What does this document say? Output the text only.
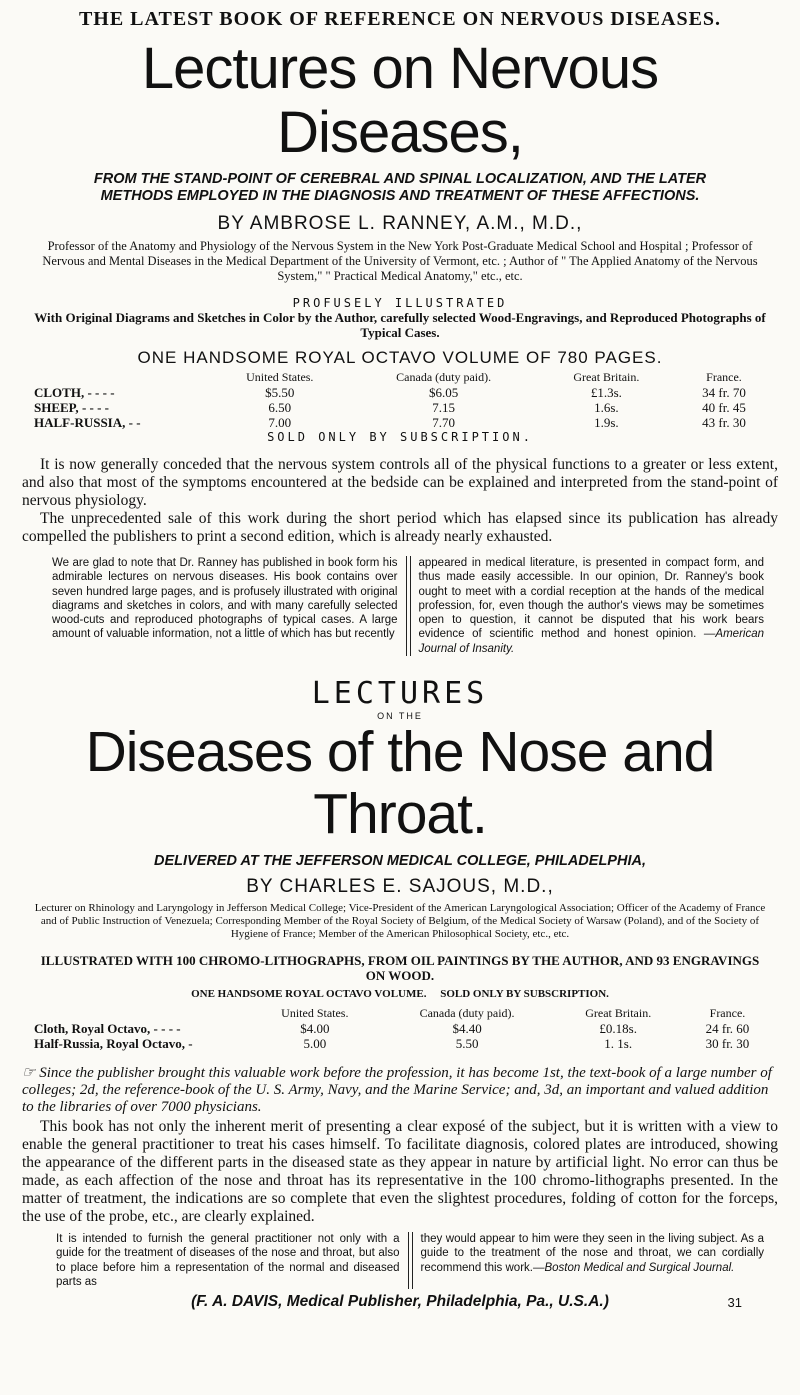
THE LATEST BOOK OF REFERENCE ON NERVOUS DISEASES.
Lectures on Nervous Diseases,
FROM THE STAND-POINT OF CEREBRAL AND SPINAL LOCALIZATION, AND THE LATER METHODS EMPLOYED IN THE DIAGNOSIS AND TREATMENT OF THESE AFFECTIONS.
BY AMBROSE L. RANNEY, A.M., M.D.,
Professor of the Anatomy and Physiology of the Nervous System in the New York Post-Graduate Medical School and Hospital ; Professor of Nervous and Mental Diseases in the Medical Department of the University of Vermont, etc. ; Author of " The Applied Anatomy of the Nervous System," " Practical Medical Anatomy," etc., etc.
PROFUSELY ILLUSTRATED
With Original Diagrams and Sketches in Color by the Author, carefully selected Wood-Engravings, and Reproduced Photographs of Typical Cases.
ONE HANDSOME ROYAL OCTAVO VOLUME OF 780 PAGES.
	United States.	Canada (duty paid).	Great Britain.	France.
CLOTH, - - - -	$5.50	$6.05	£1.3s.	34 fr. 70
SHEEP, - - - -	6.50	7.15	1.6s.	40 fr. 45
HALF-RUSSIA, - -	7.00	7.70	1.9s.	43 fr. 30
SOLD ONLY BY SUBSCRIPTION.

It is now generally conceded that the nervous system controls all of the physical functions to a greater or less extent, and also that most of the symptoms encountered at the bedside can be explained and interpreted from the stand-point of nervous physiology.

The unprecedented sale of this work during the short period which has elapsed since its publication has already compelled the publishers to print a second edition, which is already nearly exhausted.

We are glad to note that Dr. Ranney has published in book form his admirable lectures on nervous diseases. His book contains over seven hundred large pages, and is profusely illustrated with original diagrams and sketches in colors, and with many carefully selected wood-cuts and reproduced photographs of typical cases. A large amount of valuable information, not a little of which has but recently
appeared in medical literature, is presented in compact form, and thus made easily accessible. In our opinion, Dr. Ranney's book ought to meet with a cordial reception at the hands of the medical profession, for, even though the author's views may be sometimes open to question, it cannot be disputed that his work bears evidence of scientific method and honest opinion. —American Journal of Insanity.
LECTURES
ON THE
Diseases of the Nose and Throat.
DELIVERED AT THE JEFFERSON MEDICAL COLLEGE, PHILADELPHIA,
BY CHARLES E. SAJOUS, M.D.,
Lecturer on Rhinology and Laryngology in Jefferson Medical College; Vice-President of the American Laryngological Association; Officer of the Academy of France and of Public Instruction of Venezuela; Corresponding Member of the Royal Society of Belgium, of the Medical Society of Warsaw (Poland), and of the Society of Hygiene of France; Member of the American Philosophical Society, etc., etc.
ILLUSTRATED WITH 100 CHROMO-LITHOGRAPHS, FROM OIL PAINTINGS BY THE AUTHOR, AND 93 ENGRAVINGS ON WOOD.
ONE HANDSOME ROYAL OCTAVO VOLUME.     SOLD ONLY BY SUBSCRIPTION.
	United States.	Canada (duty paid).	Great Britain.	France.
Cloth, Royal Octavo, - - - -	$4.00	$4.40	£0.18s.	24 fr. 60
Half-Russia, Royal Octavo, -	5.00	5.50	1. 1s.	30 fr. 30

☞ Since the publisher brought this valuable work before the profession, it has become 1st, the text-book of a large number of colleges; 2d, the reference-book of the U. S. Army, Navy, and the Marine Service; and, 3d, an important and valued addition to the libraries of over 7000 physicians.

This book has not only the inherent merit of presenting a clear exposé of the subject, but it is written with a view to enable the general practitioner to treat his cases himself. To facilitate diagnosis, colored plates are introduced, showing the appearance of the different parts in the diseased state as they appear in nature by artificial light. No error can thus be made, as each affection of the nose and throat has its representative in the 100 chromo-lithographs presented. In the matter of treatment, the indications are so complete that even the slightest procedures, folding of cotton for the forceps, the use of the probe, etc., are clearly explained.

It is intended to furnish the general practitioner not only with a guide for the treatment of diseases of the nose and throat, but also to place before him a representation of the normal and diseased parts as
they would appear to him were they seen in the living subject. As a guide to the treatment of the nose and throat, we can cordially recommend this work.—Boston Medical and Surgical Journal.
(F. A. DAVIS, Medical Publisher, Philadelphia, Pa., U.S.A.)	31
